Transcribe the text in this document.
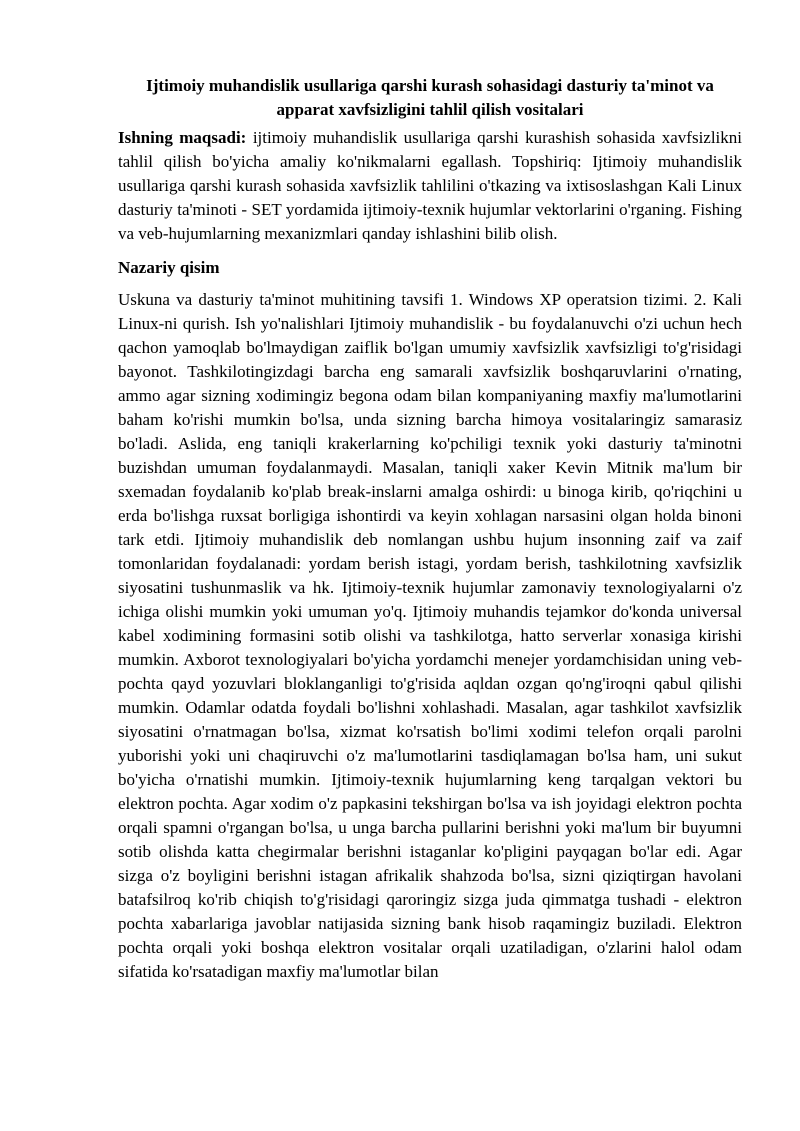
Ijtimoiy muhandislik usullariga qarshi kurash sohasidagi dasturiy ta'minot va apparat xavfsizligini tahlil qilish vositalari

Ishning maqsadi: ijtimoiy muhandislik usullariga qarshi kurashish sohasida xavfsizlikni tahlil qilish bo'yicha amaliy ko'nikmalarni egallash. Topshiriq: Ijtimoiy muhandislik usullariga qarshi kurash sohasida xavfsizlik tahlilini o'tkazing va ixtisoslashgan Kali Linux dasturiy ta'minoti - SET yordamida ijtimoiy-texnik hujumlar vektorlarini o'rganing. Fishing va veb-hujumlarning mexanizmlari qanday ishlashini bilib olish.

Nazariy qisim

Uskuna va dasturiy ta'minot muhitining tavsifi 1. Windows XP operatsion tizimi. 2. Kali Linux-ni qurish. Ish yo'nalishlari Ijtimoiy muhandislik - bu foydalanuvchi o'zi uchun hech qachon yamoqlab bo'lmaydigan zaiflik bo'lgan umumiy xavfsizlik xavfsizligi to'g'risidagi bayonot. Tashkilotingizdagi barcha eng samarali xavfsizlik boshqaruvlarini o'rnating, ammo agar sizning xodimingiz begona odam bilan kompaniyaning maxfiy ma'lumotlarini baham ko'rishi mumkin bo'lsa, unda sizning barcha himoya vositalaringiz samarasiz bo'ladi. Aslida, eng taniqli krakerlarning ko'pchiligi texnik yoki dasturiy ta'minotni buzishdan umuman foydalanmaydi. Masalan, taniqli xaker Kevin Mitnik ma'lum bir sxemadan foydalanib ko'plab break-inslarni amalga oshirdi: u binoga kirib, qo'riqchini u erda bo'lishga ruxsat borligiga ishontirdi va keyin xohlagan narsasini olgan holda binoni tark etdi. Ijtimoiy muhandislik deb nomlangan ushbu hujum insonning zaif va zaif tomonlaridan foydalanadi: yordam berish istagi, yordam berish, tashkilotning xavfsizlik siyosatini tushunmaslik va hk. Ijtimoiy-texnik hujumlar zamonaviy texnologiyalarni o'z ichiga olishi mumkin yoki umuman yo'q. Ijtimoiy muhandis tejamkor do'konda universal kabel xodimining formasini sotib olishi va tashkilotga, hatto serverlar xonasiga kirishi mumkin. Axborot texnologiyalari bo'yicha yordamchi menejer yordamchisidan uning veb-pochta qayd yozuvlari bloklanganligi to'g'risida aqldan ozgan qo'ng'iroqni qabul qilishi mumkin. Odamlar odatda foydali bo'lishni xohlashadi. Masalan, agar tashkilot xavfsizlik siyosatini o'rnatmagan bo'lsa, xizmat ko'rsatish bo'limi xodimi telefon orqali parolni yuborishi yoki uni chaqiruvchi o'z ma'lumotlarini tasdiqlamagan bo'lsa ham, uni sukut bo'yicha o'rnatishi mumkin. Ijtimoiy-texnik hujumlarning keng tarqalgan vektori bu elektron pochta. Agar xodim o'z papkasini tekshirgan bo'lsa va ish joyidagi elektron pochta orqali spamni o'rgangan bo'lsa, u unga barcha pullarini berishni yoki ma'lum bir buyumni sotib olishda katta chegirmalar berishni istaganlar ko'pligini payqagan bo'lar edi. Agar sizga o'z boyligini berishni istagan afrikalik shahzoda bo'lsa, sizni qiziqtirgan havolani batafsilroq ko'rib chiqish to'g'risidagi qaroringiz sizga juda qimmatga tushadi - elektron pochta xabarlariga javoblar natijasida sizning bank hisob raqamingiz buziladi. Elektron pochta orqali yoki boshqa elektron vositalar orqali uzatiladigan, o'zlarini halol odam sifatida ko'rsatadigan maxfiy ma'lumotlar bilan
